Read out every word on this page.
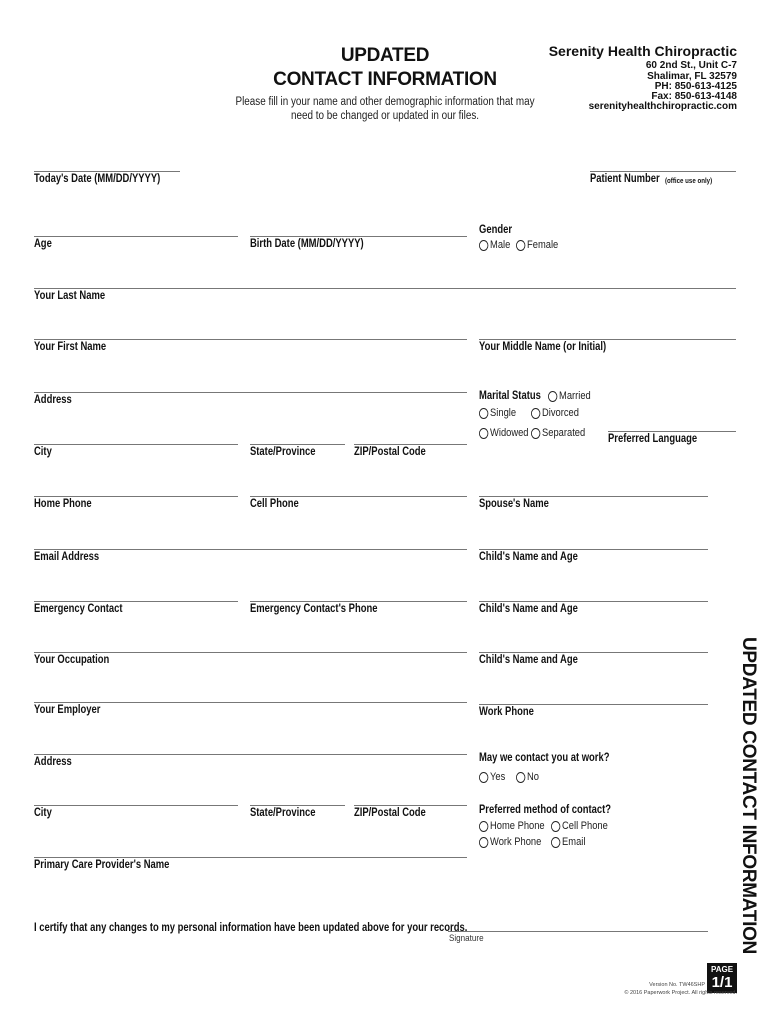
UPDATED
CONTACT INFORMATION
Please fill in your name and other demographic information that may
need to be changed or updated in our files.
Serenity Health Chiropractic
60 2nd St., Unit C-7
Shalimar, FL 32579
PH: 850-613-4125
Fax: 850-613-4148
serenityhealthchiropractic.com
Today's Date (MM/DD/YYYY)	Patient Number (office use only)
Age	Birth Date (MM/DD/YYYY)
Gender
Male Female
Your Last Name
Your First Name	Your Middle Name (or Initial)
Address	Marital Status Married
Single Divorced
Widowed Separated
City	State/Province	ZIP/Postal Code
Preferred Language
Home Phone	Cell Phone	Spouse's Name
Email Address	Child's Name and Age
Emergency Contact	Emergency Contact's Phone	Child's Name and Age
Your Occupation	Child's Name and Age
Your Employer	Work Phone
Address	May we contact you at work?
Yes No
City	State/Province	ZIP/Postal Code	Preferred method of contact?
Home Phone Cell Phone
Work Phone Email
Primary Care Provider's Name
I certify that any changes to my personal information have been updated above for your records.
Signature	UPDATED CONTACT INFORMATION
PAGE
1/1
Version No. TW46SHP
© 2016 Paperwork Project. All rights reserved.
